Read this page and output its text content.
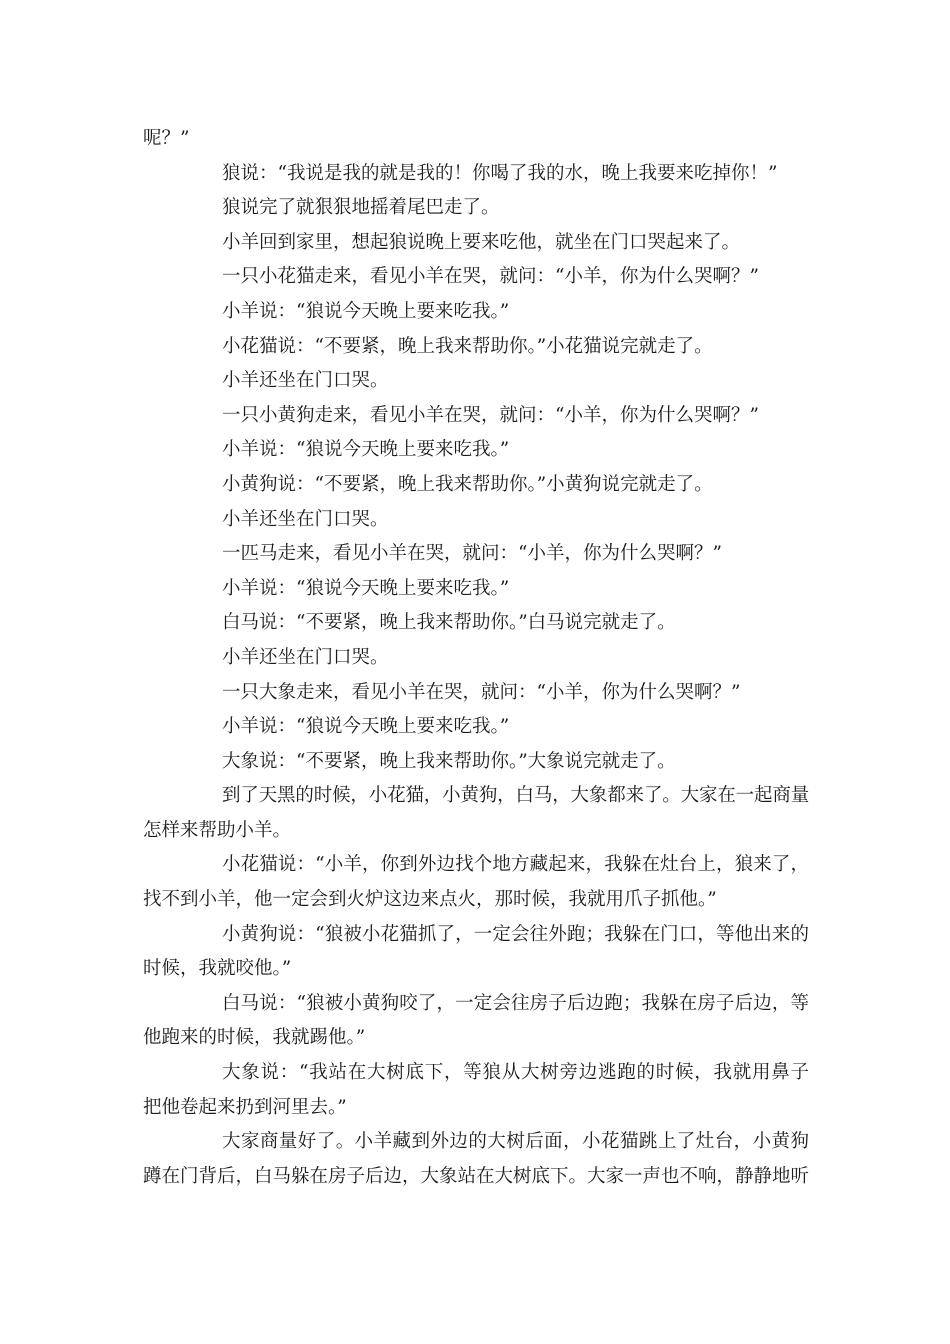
呢？”

狼说：“我说是我的就是我的！你喝了我的水，晚上我要来吃掉你！”

狼说完了就狠狠地摇着尾巴走了。

小羊回到家里，想起狼说晚上要来吃他，就坐在门口哭起来了。

一只小花猫走来，看见小羊在哭，就问：“小羊，你为什么哭啊？”

小羊说：“狼说今天晚上要来吃我。”

小花猫说：“不要紧，晚上我来帮助你。”小花猫说完就走了。

小羊还坐在门口哭。

一只小黄狗走来，看见小羊在哭，就问：“小羊，你为什么哭啊？”

小羊说：“狼说今天晚上要来吃我。”

小黄狗说：“不要紧，晚上我来帮助你。”小黄狗说完就走了。

小羊还坐在门口哭。

一匹马走来，看见小羊在哭，就问：“小羊，你为什么哭啊？”

小羊说：“狼说今天晚上要来吃我。”

白马说：“不要紧，晚上我来帮助你。”白马说完就走了。

小羊还坐在门口哭。

一只大象走来，看见小羊在哭，就问：“小羊，你为什么哭啊？”

小羊说：“狼说今天晚上要来吃我。”

大象说：“不要紧，晚上我来帮助你。”大象说完就走了。

到了天黑的时候，小花猫，小黄狗，白马，大象都来了。大家在一起商量

怎样来帮助小羊。

小花猫说：“小羊，你到外边找个地方藏起来，我躲在灶台上，狼来了，

找不到小羊，他一定会到火炉这边来点火，那时候，我就用爪子抓他。”

小黄狗说：“狼被小花猫抓了，一定会往外跑；我躲在门口，等他出来的

时候，我就咬他。”

白马说：“狼被小黄狗咬了，一定会往房子后边跑；我躲在房子后边，等

他跑来的时候，我就踢他。”

大象说：“我站在大树底下，等狼从大树旁边逃跑的时候，我就用鼻子

把他卷起来扔到河里去。”

大家商量好了。小羊藏到外边的大树后面，小花猫跳上了灶台，小黄狗

蹲在门背后，白马躲在房子后边，大象站在大树底下。大家一声也不响，静静地听
